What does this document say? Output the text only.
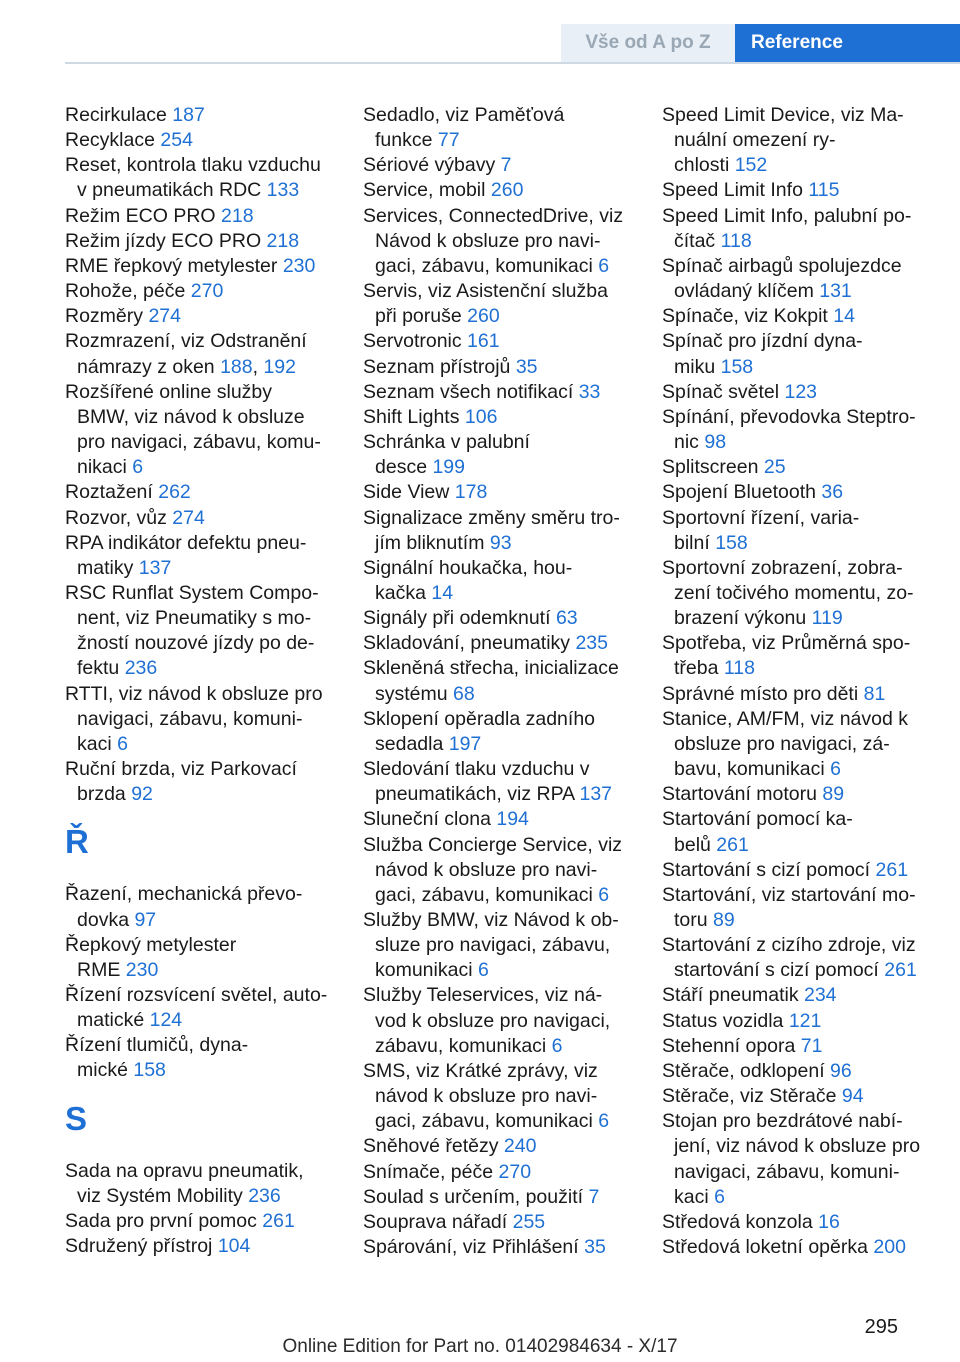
Vše od A po Z	Reference
Recirkulace 187
Recyklace 254
Reset, kontrola tlaku vzduchu
v pneumatikách RDC 133
Režim ECO PRO 218
Režim jízdy ECO PRO 218
RME řepkový metylester 230
Rohože, péče 270
Rozměry 274
Rozmrazení, viz Odstranění
námrazy z oken 188, 192
Rozšířené online služby
BMW, viz návod k obsluze
pro navigaci, zábavu, komu‐
nikaci 6
Roztažení 262
Rozvor, vůz 274
RPA indikátor defektu pneu‐
matiky 137
RSC Runflat System Compo‐
nent, viz Pneumatiky s mo‐
žností nouzové jízdy po de‐
fektu 236
RTTI, viz návod k obsluze pro
navigaci, zábavu, komuni‐
kaci 6
Ruční brzda, viz Parkovací
brzda 92
Ř
Řazení, mechanická převo‐
dovka 97
Řepkový metylester
RME 230
Řízení rozsvícení světel, auto‐
matické 124
Řízení tlumičů, dyna‐
mické 158
S
Sada na opravu pneumatik,
viz Systém Mobility 236
Sada pro první pomoc 261
Sdružený přístroj 104
Sedadlo, viz Paměťová
funkce 77
Sériové výbavy 7
Service, mobil 260
Services, ConnectedDrive, viz
Návod k obsluze pro navi‐
gaci, zábavu, komunikaci 6
Servis, viz Asistenční služba
při poruše 260
Servotronic 161
Seznam přístrojů 35
Seznam všech notifikací 33
Shift Lights 106
Schránka v palubní
desce 199
Side View 178
Signalizace změny směru tro‐
jím bliknutím 93
Signální houkačka, hou‐
kačka 14
Signály při odemknutí 63
Skladování, pneumatiky 235
Skleněná střecha, inicializace
systému 68
Sklopení opěradla zadního
sedadla 197
Sledování tlaku vzduchu v
pneumatikách, viz RPA 137
Sluneční clona 194
Služba Concierge Service, viz
návod k obsluze pro navi‐
gaci, zábavu, komunikaci 6
Služby BMW, viz Návod k ob‐
sluze pro navigaci, zábavu,
komunikaci 6
Služby Teleservices, viz ná‐
vod k obsluze pro navigaci,
zábavu, komunikaci 6
SMS, viz Krátké zprávy, viz
návod k obsluze pro navi‐
gaci, zábavu, komunikaci 6
Sněhové řetězy 240
Snímače, péče 270
Soulad s určením, použití 7
Souprava nářadí 255
Spárování, viz Přihlášení 35
Speed Limit Device, viz Ma‐
nuální omezení ry‐
chlosti 152
Speed Limit Info 115
Speed Limit Info, palubní po‐
čítač 118
Spínač airbagů spolujezdce
ovládaný klíčem 131
Spínače, viz Kokpit 14
Spínač pro jízdní dyna‐
miku 158
Spínač světel 123
Spínání, převodovka Steptro‐
nic 98
Splitscreen 25
Spojení Bluetooth 36
Sportovní řízení, varia‐
bilní 158
Sportovní zobrazení, zobra‐
zení točivého momentu, zo‐
brazení výkonu 119
Spotřeba, viz Průměrná spo‐
třeba 118
Správné místo pro děti 81
Stanice, AM/FM, viz návod k
obsluze pro navigaci, zá‐
bavu, komunikaci 6
Startování motoru 89
Startování pomocí ka‐
belů 261
Startování s cizí pomocí 261
Startování, viz startování mo‐
toru 89
Startování z cizího zdroje, viz
startování s cizí pomocí 261
Stáří pneumatik 234
Status vozidla 121
Stehenní opora 71
Stěrače, odklopení 96
Stěrače, viz Stěrače 94
Stojan pro bezdrátové nabí‐
jení, viz návod k obsluze pro
navigaci, zábavu, komuni‐
kaci 6
Středová konzola 16
Středová loketní opěrka 200
295
Online Edition for Part no. 01402984634 - X/17
